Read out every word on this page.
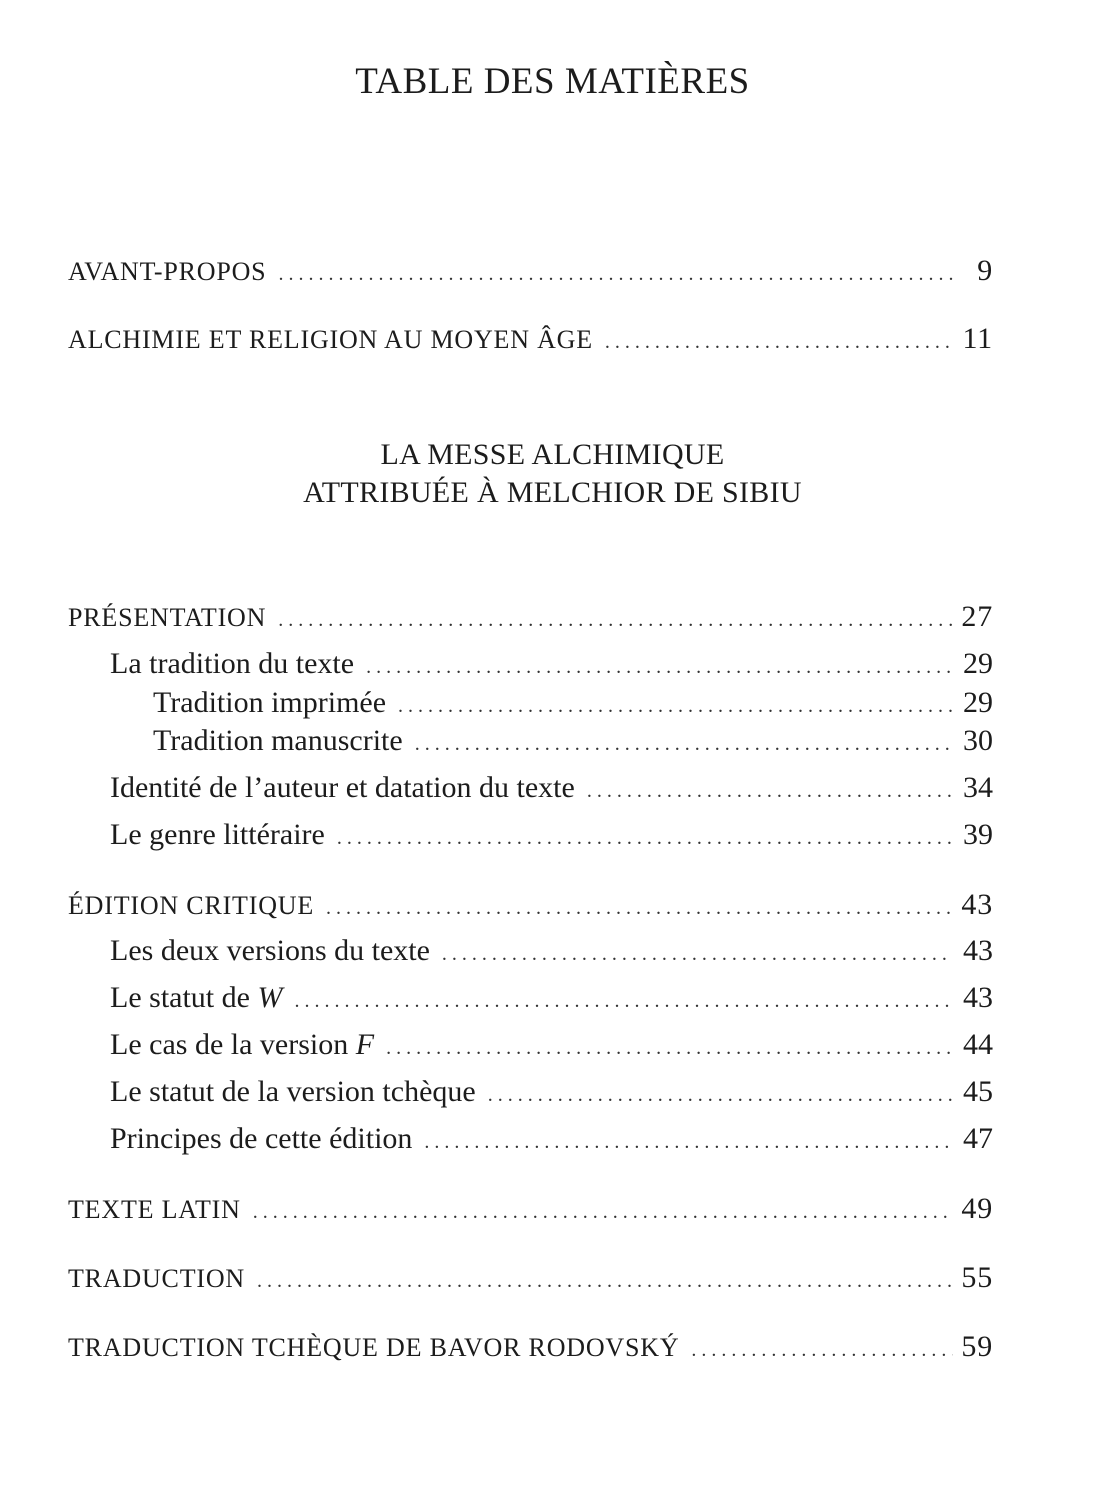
TABLE DES MATIÈRES
AVANT-PROPOS . . .	9
ALCHIMIE ET RELIGION AU MOYEN ÂGE . . .	11
LA MESSE ALCHIMIQUE
ATTRIBUÉE À MELCHIOR DE SIBIU
PRÉSENTATION . . .	27
La tradition du texte . . .	29
Tradition imprimée . . .	29
Tradition manuscrite . . .	30
Identité de l’auteur et datation du texte . . .	34
Le genre littéraire . . .	39
ÉDITION CRITIQUE . . .	43
Les deux versions du texte . . .	43
Le statut de W . . .	43
Le cas de la version F . . .	44
Le statut de la version tchèque . . .	45
Principes de cette édition . . .	47
TEXTE LATIN . . .	49
TRADUCTION . . .	55
TRADUCTION TCHÈQUE DE BAVOR RODOVSKÝ . . .	59
